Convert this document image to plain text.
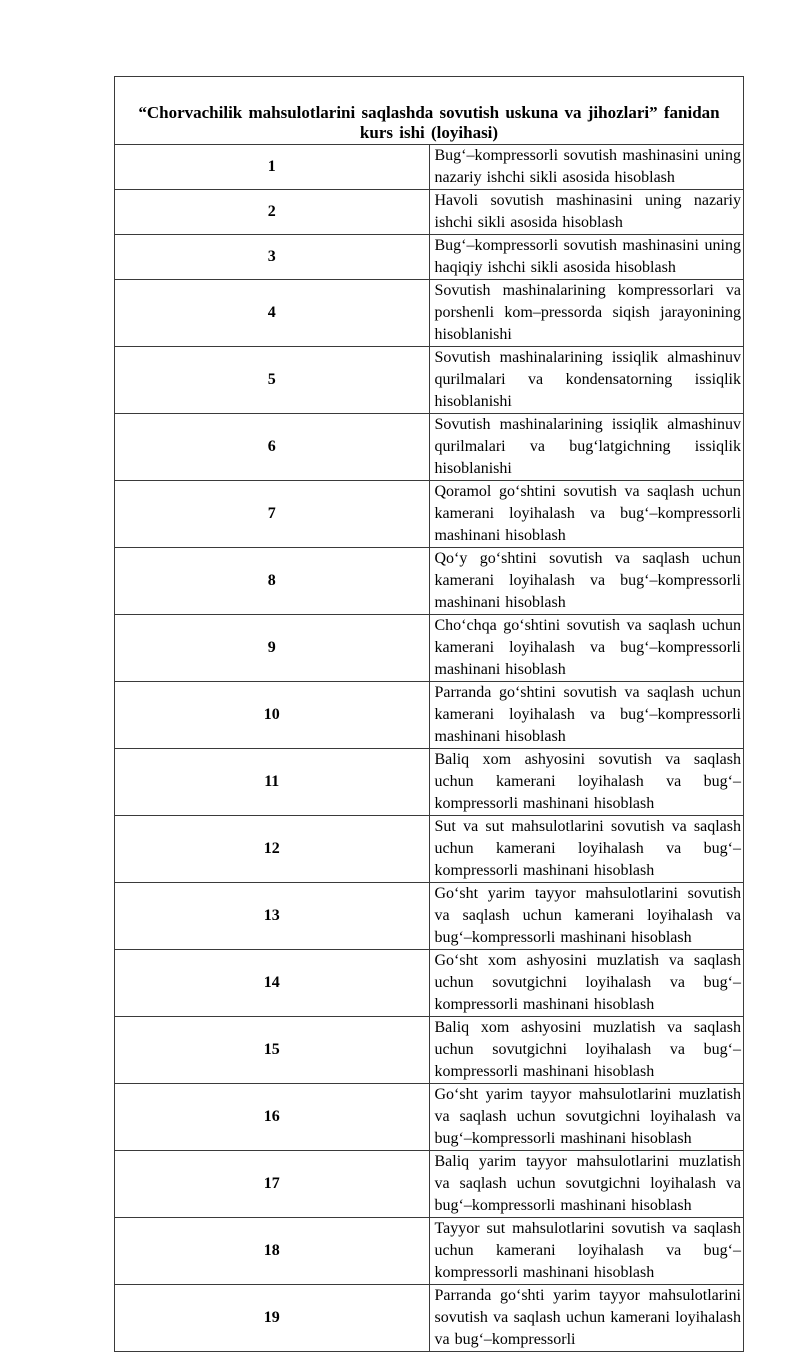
“Chorvachilik mahsulotlarini saqlashda sovutish uskuna va jihozlari” fanidan kurs ishi (loyihasi)	
1	Bug‘–kompressorli sovutish mashinasini uning nazariy ishchi sikli asosida hisoblash
2	Havoli sovutish mashinasini uning nazariy ishchi sikli asosida hisoblash
3	Bug‘–kompressorli sovutish mashinasini uning haqiqiy ishchi sikli asosida hisoblash
4	Sovutish mashinalarining kompressorlari va porshenli kom–pressorda siqish jarayonining hisoblanishi
5	Sovutish mashinalarining issiqlik almashinuv qurilmalari va kondensatorning issiqlik hisoblanishi
6	Sovutish mashinalarining issiqlik almashinuv qurilmalari va bug‘latgichning issiqlik hisoblanishi
7	Qoramol go‘shtini sovutish va saqlash uchun kamerani loyihalash va bug‘–kompressorli mashinani hisoblash
8	Qo‘y go‘shtini sovutish va saqlash uchun kamerani loyihalash va bug‘–kompressorli mashinani hisoblash
9	Cho‘chqa go‘shtini sovutish va saqlash uchun kamerani loyihalash va bug‘–kompressorli mashinani hisoblash
10	Parranda go‘shtini sovutish va saqlash uchun kamerani loyihalash va bug‘–kompressorli mashinani hisoblash
11	Baliq xom ashyosini sovutish va saqlash uchun kamerani loyihalash va bug‘–kompressorli mashinani hisoblash
12	Sut va sut mahsulotlarini sovutish va saqlash uchun kamerani loyihalash va bug‘–kompressorli mashinani hisoblash
13	Go‘sht yarim tayyor mahsulotlarini sovutish va saqlash uchun kamerani loyihalash va bug‘–kompressorli mashinani hisoblash
14	Go‘sht xom ashyosini muzlatish va saqlash uchun sovutgichni loyihalash va bug‘–kompressorli mashinani hisoblash
15	Baliq xom ashyosini muzlatish va saqlash uchun sovutgichni loyihalash va bug‘–kompressorli mashinani hisoblash
16	Go‘sht yarim tayyor mahsulotlarini muzlatish va saqlash uchun sovutgichni loyihalash va bug‘–kompressorli mashinani hisoblash
17	Baliq yarim tayyor mahsulotlarini muzlatish va saqlash uchun sovutgichni loyihalash va bug‘–kompressorli mashinani hisoblash
18	Tayyor sut mahsulotlarini sovutish va saqlash uchun kamerani loyihalash va bug‘–kompressorli mashinani hisoblash
19	Parranda go‘shti yarim tayyor mahsulotlarini sovutish va saqlash uchun kamerani loyihalash va bug‘–kompressorli
